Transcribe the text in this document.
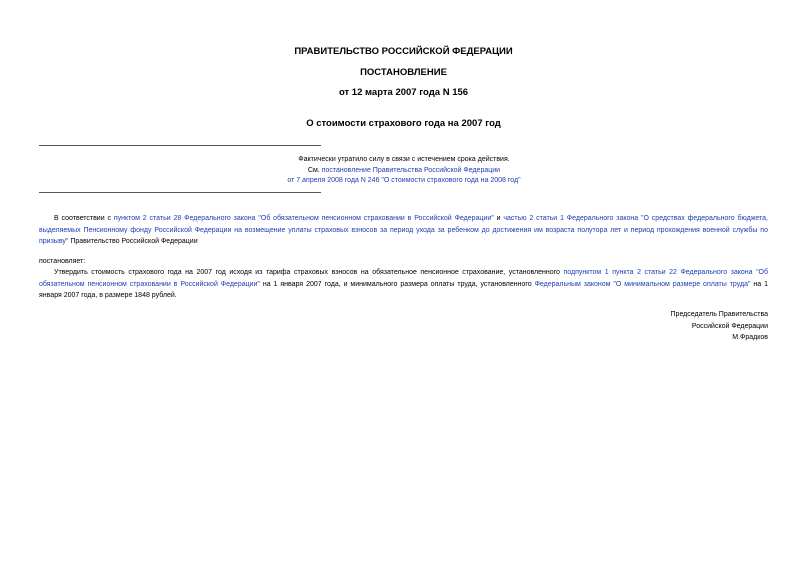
ПРАВИТЕЛЬСТВО РОССИЙСКОЙ ФЕДЕРАЦИИ
ПОСТАНОВЛЕНИЕ
от 12 марта 2007 года N 156
О стоимости страхового года на 2007 год
Фактически утратило силу в связи с истечением срока действия.
См. постановление Правительства Российской Федерации
от 7 апреля 2008 года N 246 "О стоимости страхового года на 2008 год"
В соответствии с пунктом 2 статьи 28 Федерального закона "Об обязательном пенсионном страховании в Российской Федерации" и частью 2 статьи 1 Федерального закона "О средствах федерального бюджета, выделяемых Пенсионному фонду Российской Федерации на возмещение уплаты страховых взносов за период ухода за ребенком до достижения им возраста полутора лет и период прохождения военной службы по призыву" Правительство Российской Федерации
постановляет:
Утвердить стоимость страхового года на 2007 год исходя из тарифа страховых взносов на обязательное пенсионное страхование, установленного подпунктом 1 пункта 2 статьи 22 Федерального закона "Об обязательном пенсионном страховании в Российской Федерации" на 1 января 2007 года, и минимального размера оплаты труда, установленного Федеральным законом "О минимальном размере оплаты труда" на 1 января 2007 года, в размере 1848 рублей.
Председатель Правительства
Российской Федерации
М.Фрадков
